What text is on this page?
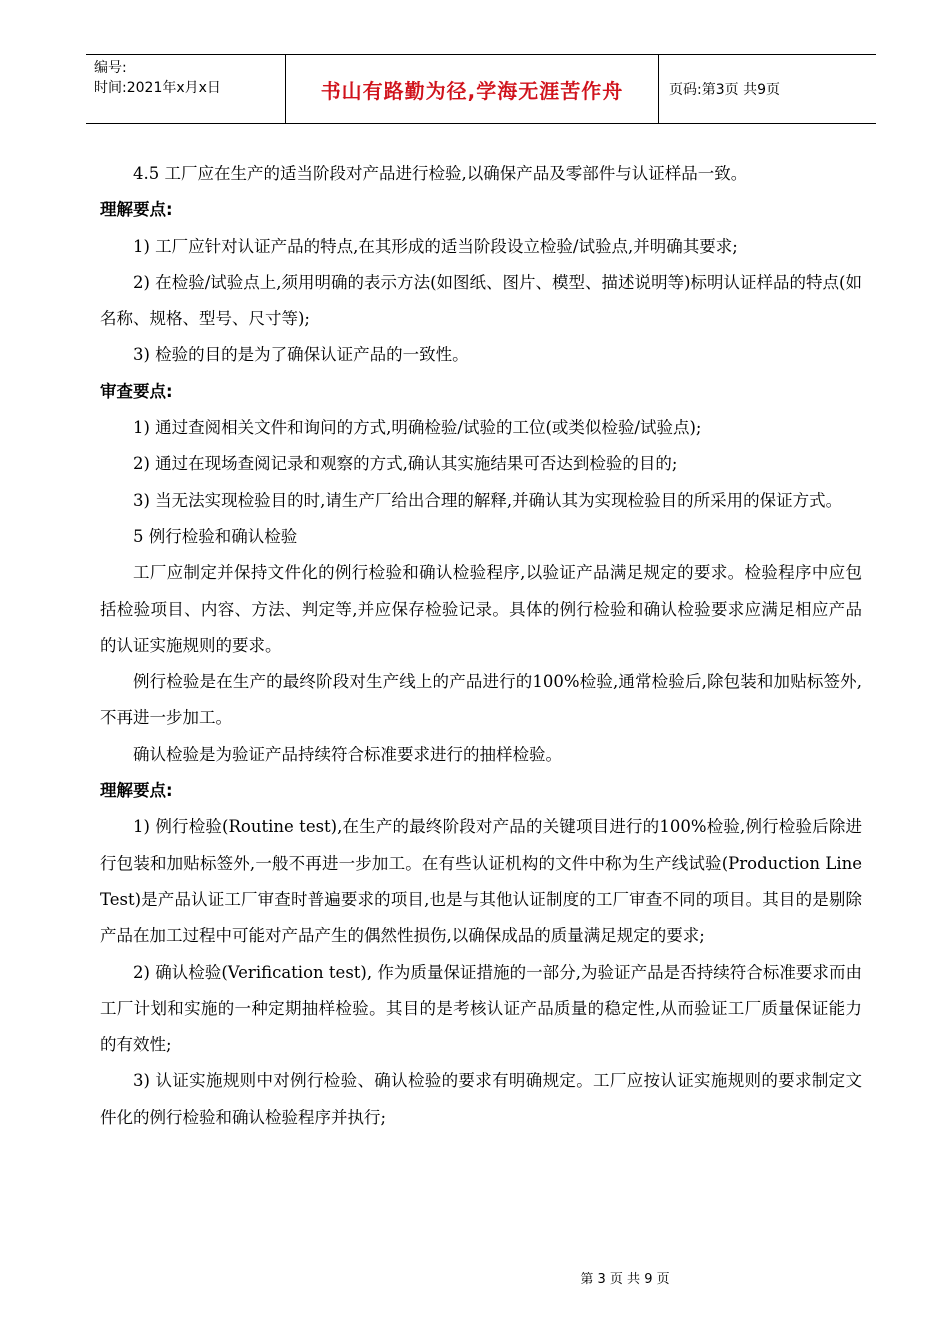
编号:
时间:2021年x月x日	书山有路勤为径,学海无涯苦作舟	页码:第3页 共9页

4.5 工厂应在生产的适当阶段对产品进行检验,以确保产品及零部件与认证样品一致。

理解要点:

1) 工厂应针对认证产品的特点,在其形成的适当阶段设立检验/试验点,并明确其要求;

2) 在检验/试验点上,须用明确的表示方法(如图纸、图片、模型、描述说明等)标明认证样品的特点(如名称、规格、型号、尺寸等);

3) 检验的目的是为了确保认证产品的一致性。

审查要点:

1) 通过查阅相关文件和询问的方式,明确检验/试验的工位(或类似检验/试验点);

2) 通过在现场查阅记录和观察的方式,确认其实施结果可否达到检验的目的;

3) 当无法实现检验目的时,请生产厂给出合理的解释,并确认其为实现检验目的所采用的保证方式。

5 例行检验和确认检验

工厂应制定并保持文件化的例行检验和确认检验程序,以验证产品满足规定的要求。检验程序中应包括检验项目、内容、方法、判定等,并应保存检验记录。具体的例行检验和确认检验要求应满足相应产品的认证实施规则的要求。

例行检验是在生产的最终阶段对生产线上的产品进行的100%检验,通常检验后,除包装和加贴标签外,不再进一步加工。

确认检验是为验证产品持续符合标准要求进行的抽样检验。

理解要点:

1) 例行检验(Routine test),在生产的最终阶段对产品的关键项目进行的100%检验,例行检验后除进行包装和加贴标签外,一般不再进一步加工。在有些认证机构的文件中称为生产线试验(Production Line Test)是产品认证工厂审查时普遍要求的项目,也是与其他认证制度的工厂审查不同的项目。其目的是剔除产品在加工过程中可能对产品产生的偶然性损伤,以确保成品的质量满足规定的要求;

2) 确认检验(Verification test), 作为质量保证措施的一部分,为验证产品是否持续符合标准要求而由工厂计划和实施的一种定期抽样检验。其目的是考核认证产品质量的稳定性,从而验证工厂质量保证能力的有效性;

3) 认证实施规则中对例行检验、确认检验的要求有明确规定。工厂应按认证实施规则的要求制定文件化的例行检验和确认检验程序并执行;

第 3 页 共 9 页
